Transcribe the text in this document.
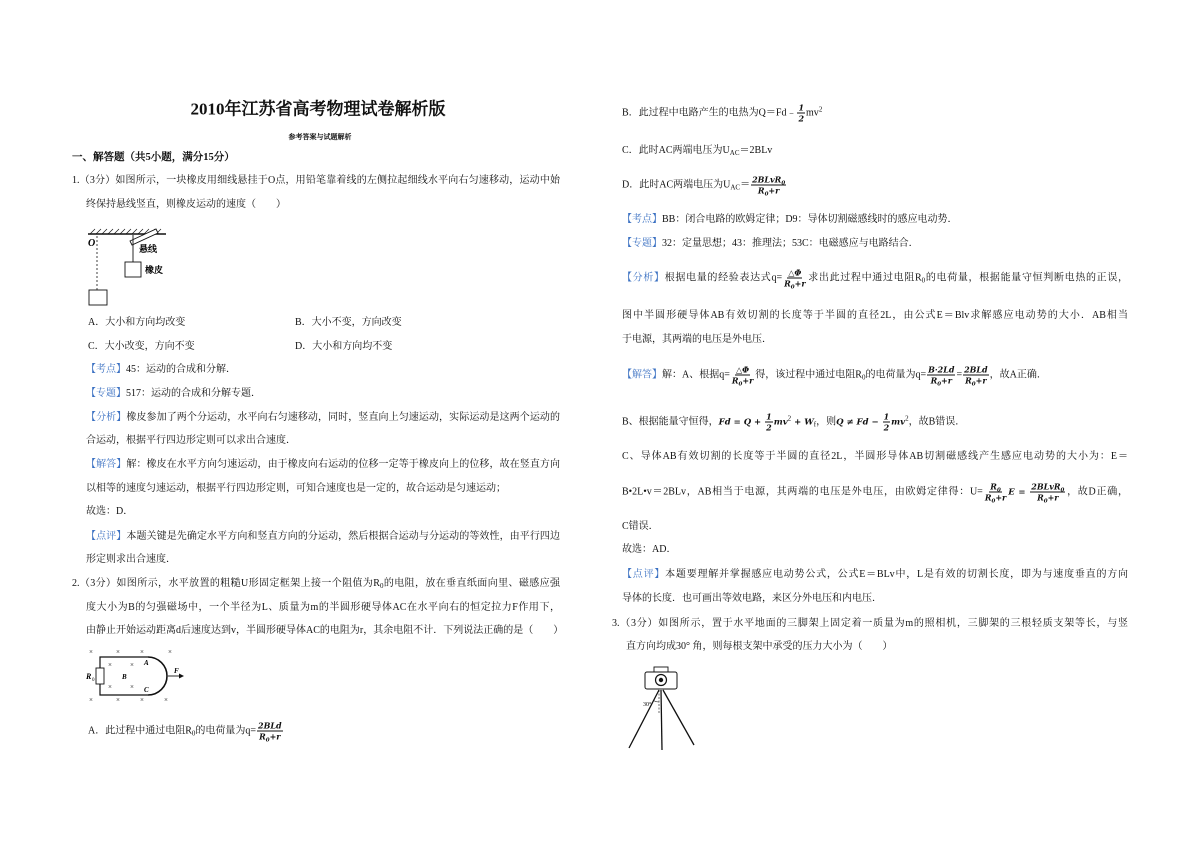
2010年江苏省高考物理试卷解析版
参考答案与试题解析
一、解答题（共5小题，满分15分）
1.（3分）如图所示，一块橡皮用细线悬挂于O点，用铅笔靠着线的左侧拉起细线水平向右匀速移动，运动中始
终保持悬线竖直，则橡皮运动的速度（　　）
O	悬线
橡皮
A．大小和方向均改变	B．大小不变，方向改变
C．大小改变，方向不变	D．大小和方向均不变
【考点】45：运动的合成和分解．
【专题】517：运动的合成和分解专题．
【分析】橡皮参加了两个分运动，水平向右匀速移动，同时，竖直向上匀速运动，实际运动是这两个运动的
合运动，根据平行四边形定则可以求出合速度．
【解答】解：橡皮在水平方向匀速运动，由于橡皮向右运动的位移一定等于橡皮向上的位移，故在竖直方向
以相等的速度匀速运动，根据平行四边形定则，可知合速度也是一定的，故合运动是匀速运动；
故选：D．
【点评】本题关键是先确定水平方向和竖直方向的分运动，然后根据合运动与分运动的等效性，由平行四边
形定则求出合速度．
2.（3分）如图所示，水平放置的粗糙U形固定框架上接一个阻值为$R_0$的电阻，放在垂直纸面向里、磁感应强
度大小为B的匀强磁场中，一个半径为L、质量为m的半圆形硬导体AC在水平向右的恒定拉力F作用下，
由静止开始运动距离d后速度达到v，半圆形硬导体AC的电阻为r，其余电阻不计．下列说法正确的是（　　）
×	×	×	×
×	×
×	×
×	×	×	×
R 0	B
A
C
F
A．此过程中通过电阻$R_0$的电荷量为$q= \frac{\text{2BLd}}{R_0+r}$
B．此过程中电路产生的电热为Q＝Fd﹣ $\frac{1}{2} mv^2$
C．此时AC两端电压为$U_{AC}=2BLv$
D．此时AC两端电压为$U_{AC}= \frac{2BLvR_0}{R_0+r}$
【考点】BB：闭合电路的欧姆定律；D9：导体切割磁感线时的感应电动势．
【专题】32：定量思想；43：推理法；53C：电磁感应与电路结合．
【分析】根据电量的经验表达式$q= \frac{\triangle\Phi}{R_0+r}$ 求出此过程中通过电阻$R_0$的电荷量，根据能量守恒判断电热的正误，
图中半圆形硬导体AB有效切割的长度等于半圆的直径2L，由公式E＝Blv求解感应电动势的大小．AB相当
于电源，其两端的电压是外电压．
【解答】解：A、根据$q= \frac{\triangle\Phi}{R_0+r}$ 得，该过程中通过电阻$R_0$的电荷量为$q= \frac{B\cdot 2Ld}{R_0+r} = \frac{\text{2BLd}}{R_0+r}$ ，故A正确．
B、根据能量守恒得，$Fd = Q + \frac{1}{2} mv^2 + W_f$，则$Q \ne Fd - \frac{1}{2} mv^2$，故B错误．
C、导体AB有效切割的长度等于半圆的直径2L，半圆形导体AB切割磁感线产生感应电动势的大小为：E＝
B•2L•v＝2BLv，AB相当于电源，其两端的电压是外电压，由欧姆定律得：$U= \frac{R_0}{R_0+r}$ $E = \frac{2BLvR_0}{R_0+r}$ ，故D正确，
C错误．
故选：AD．
【点评】本题要理解并掌握感应电动势公式，公式E＝BLv中，L是有效的切割长度，即为与速度垂直的方向
导体的长度．也可画出等效电路，来区分外电压和内电压．
3.（3分）如图所示，置于水平地面的三脚架上固定着一质量为m的照相机，三脚架的三根轻质支架等长，与竖
直方向均成30° 角，则每根支架中承受的压力大小为（　　）
30°
